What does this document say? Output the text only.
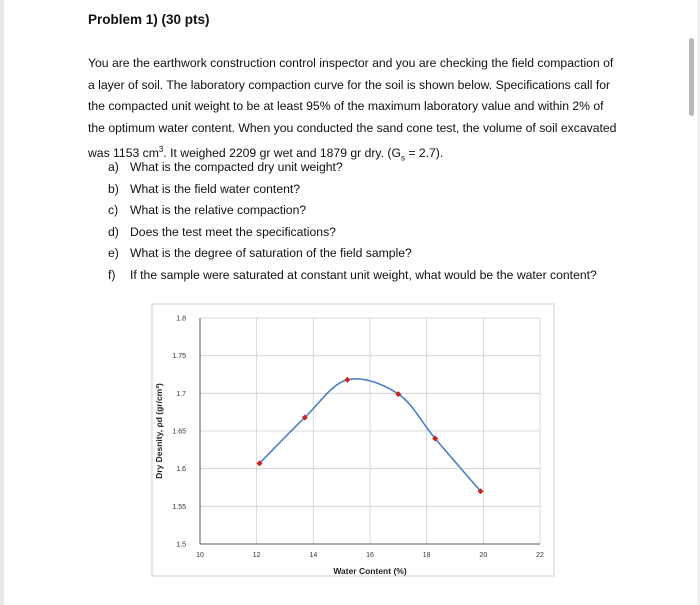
Problem 1) (30 pts)

You are the earthwork construction control inspector and you are checking the field compaction of a layer of soil. The laboratory compaction curve for the soil is shown below. Specifications call for the compacted unit weight to be at least 95% of the maximum laboratory value and within 2% of the optimum water content. When you conducted the sand cone test, the volume of soil excavated was 1153 $cm^3$. It weighed 2209 gr wet and 1879 gr dry. $(G_s = 2.7)$.

a) What is the compacted dry unit weight?
b) What is the field water content?
c) What is the relative compaction?
d) Does the test meet the specifications?
e) What is the degree of saturation of the field sample?
f)	If the sample were saturated at constant unit weight, what would be the water content?
10	12	14	16	18	20	22
1.5
1.55
1.6
1.65
1.7
1.75
1.8
Water Content (%)
Dry Desnity, ρd (gr/cm³)
